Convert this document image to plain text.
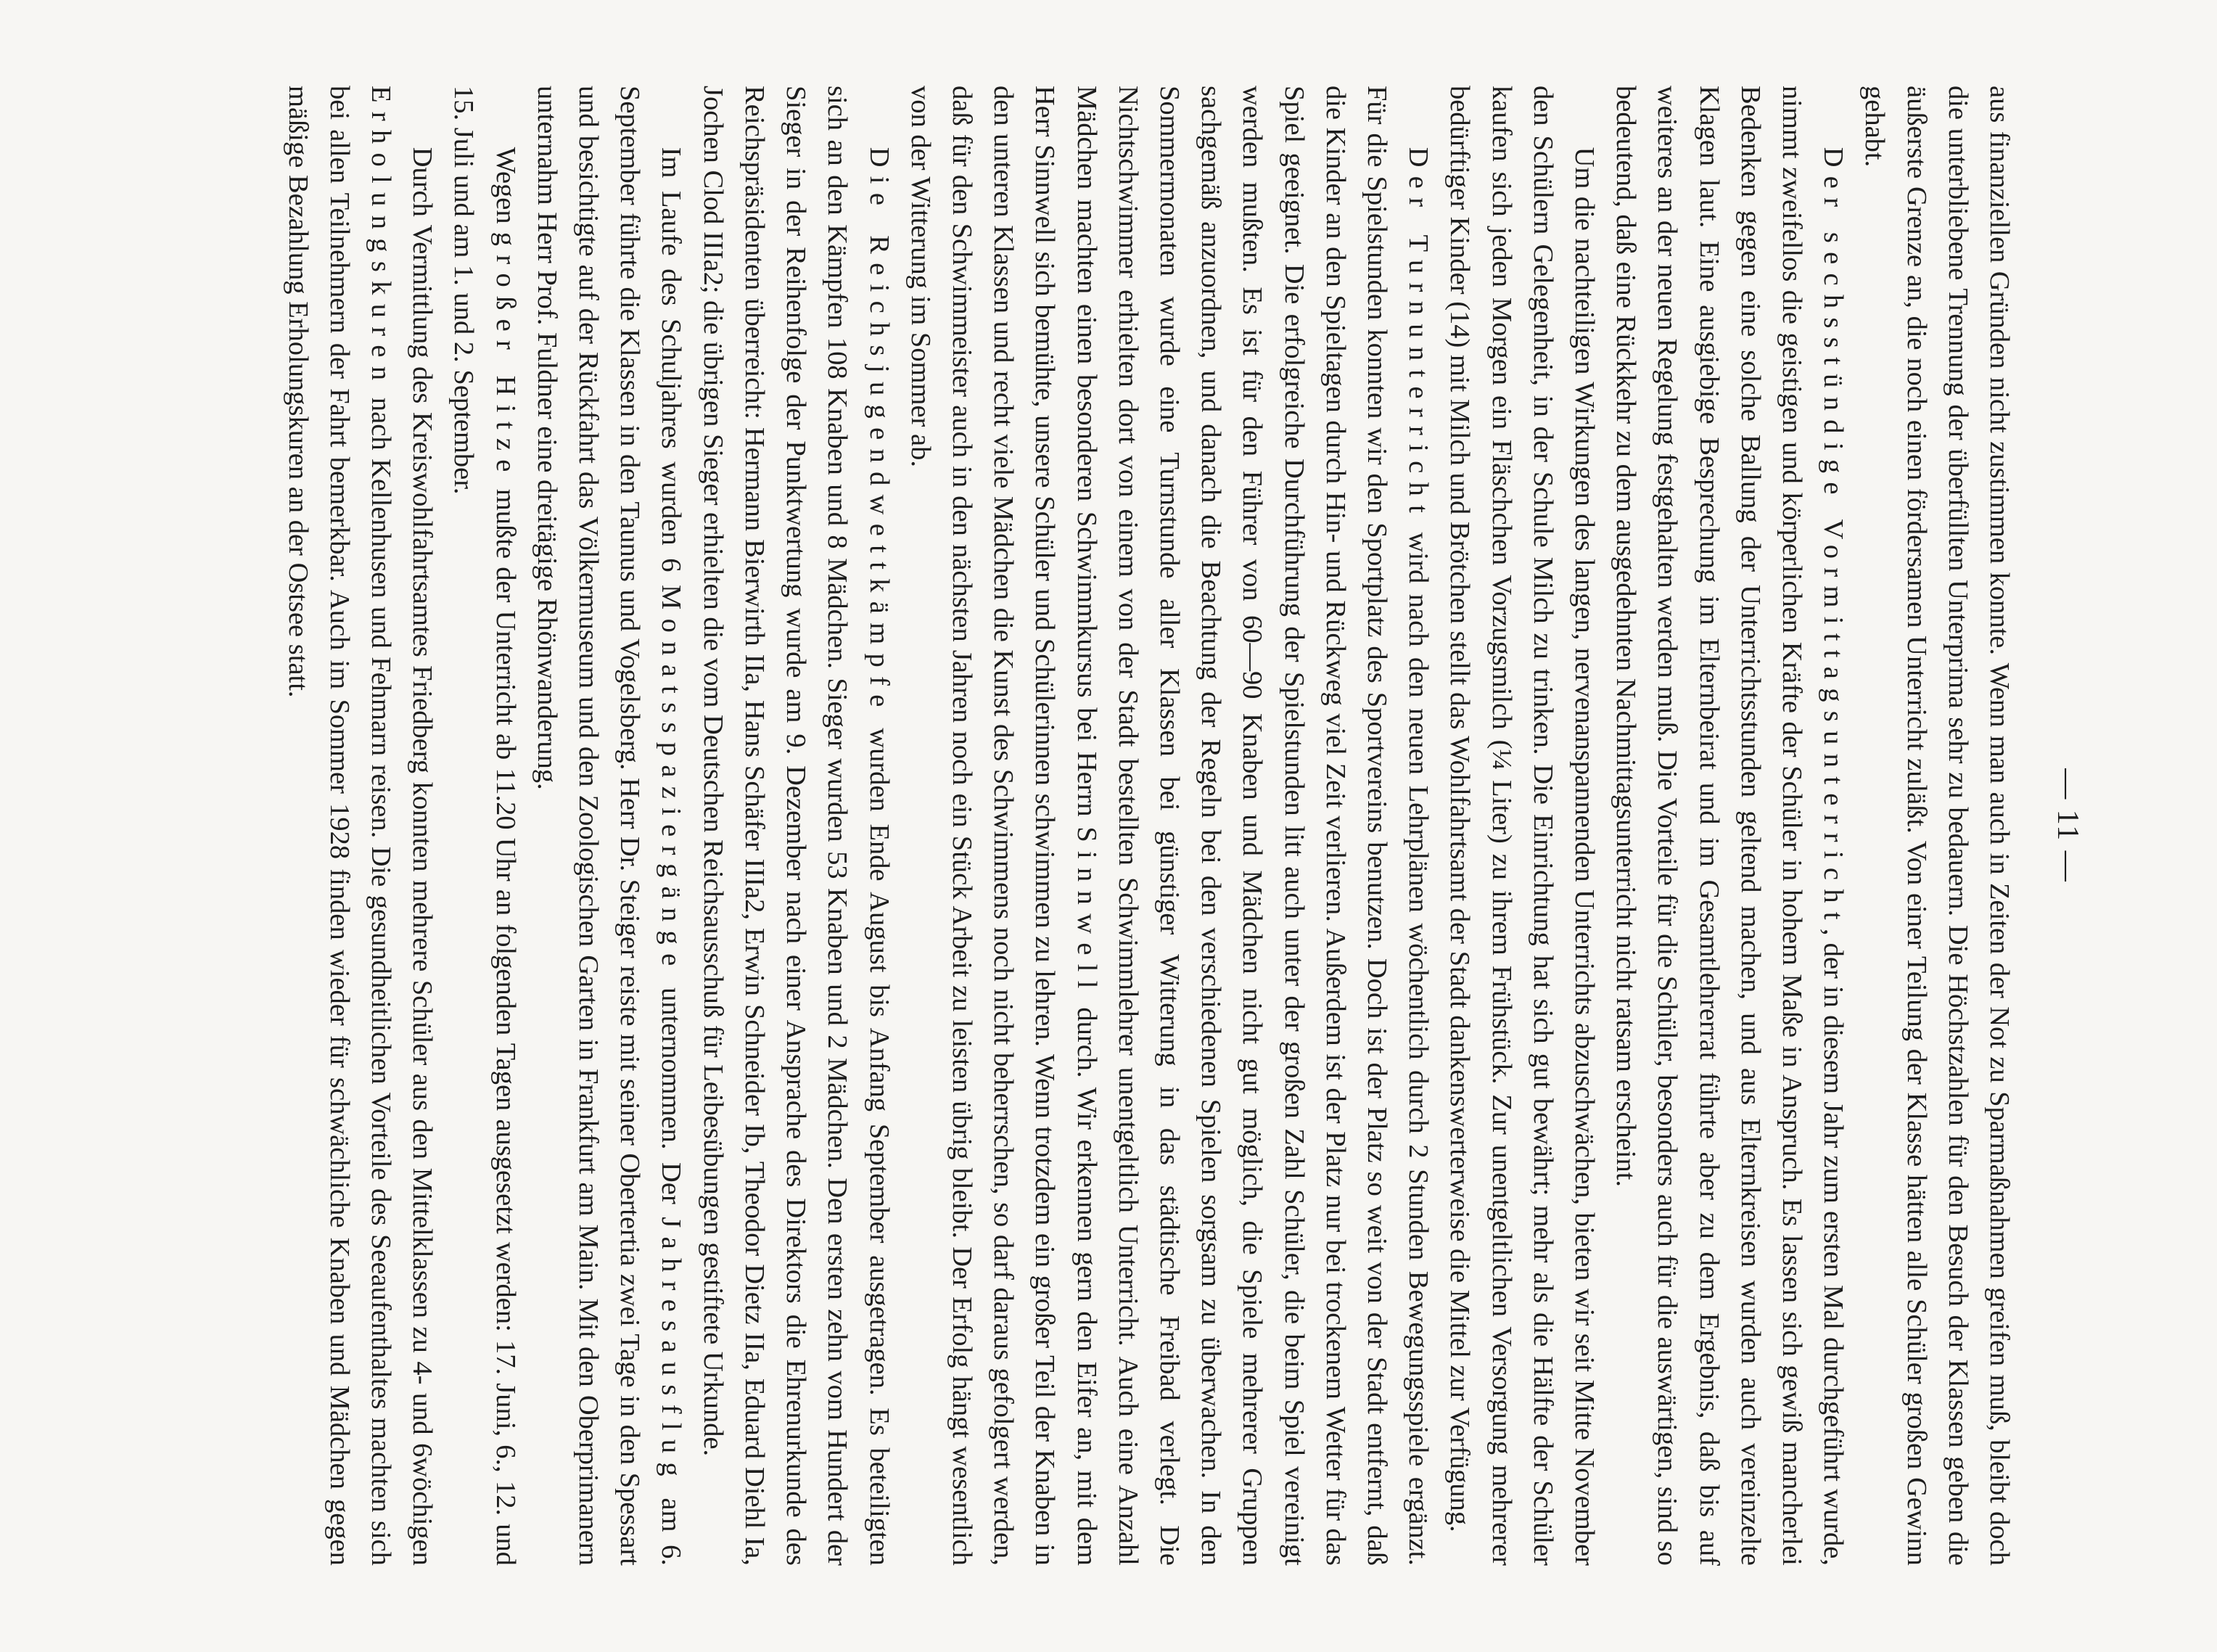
— 11 —

aus finanziellen Gründen nicht zustimmen konnte. Wenn man auch in Zeiten der Not zu Sparmaßnahmen greifen muß, bleibt doch die unterbliebene Trennung der überfüllten Unterprima sehr zu bedauern. Die Höchstzahlen für den Besuch der Klassen geben die äußerste Grenze an, die noch einen fördersamen Unterricht zuläßt. Von einer Teilung der Klasse hätten alle Schüler großen Gewinn gehabt.

Der sechsstündige Vormittagsunterricht, der in diesem Jahr zum ersten Mal durchgeführt wurde, nimmt zweifellos die geistigen und körperlichen Kräfte der Schüler in hohem Maße in Anspruch. Es lassen sich gewiß mancherlei Bedenken gegen eine solche Ballung der Unterrichtsstunden geltend machen, und aus Elternkreisen wurden auch vereinzelte Klagen laut. Eine ausgiebige Besprechung im Elternbeirat und im Gesamtlehrerrat führte aber zu dem Ergebnis, daß bis auf weiteres an der neuen Regelung festgehalten werden muß. Die Vorteile für die Schüler, besonders auch für die auswärtigen, sind so bedeutend, daß eine Rückkehr zu dem ausgedehnten Nachmittagsunterricht nicht ratsam erscheint.

Um die nachteiligen Wirkungen des langen, nervenanspannenden Unterrichts abzuschwächen, bieten wir seit Mitte November den Schülern Gelegenheit, in der Schule Milch zu trinken. Die Einrichtung hat sich gut bewährt; mehr als die Hälfte der Schüler kaufen sich jeden Morgen ein Fläschchen Vorzugsmilch (¼ Liter) zu ihrem Frühstück. Zur unentgeltlichen Versorgung mehrerer bedürftiger Kinder (14) mit Milch und Brötchen stellt das Wohlfahrtsamt der Stadt dankenswerterweise die Mittel zur Verfügung.

Der Turnunterricht wird nach den neuen Lehrplänen wöchentlich durch 2 Stunden Bewegungsspiele ergänzt. Für die Spielstunden konnten wir den Sportplatz des Sportvereins benutzen. Doch ist der Platz so weit von der Stadt entfernt, daß die Kinder an den Spieltagen durch Hin- und Rückweg viel Zeit verlieren. Außerdem ist der Platz nur bei trockenem Wetter für das Spiel geeignet. Die erfolgreiche Durchführung der Spielstunden litt auch unter der großen Zahl Schüler, die beim Spiel vereinigt werden mußten. Es ist für den Führer von 60—90 Knaben und Mädchen nicht gut möglich, die Spiele mehrerer Gruppen sachgemäß anzuordnen, und danach die Beachtung der Regeln bei den verschiedenen Spielen sorgsam zu überwachen. In den Sommermonaten wurde eine Turnstunde aller Klassen bei günstiger Witterung in das städtische Freibad verlegt. Die Nichtschwimmer erhielten dort von einem von der Stadt bestellten Schwimmlehrer unentgeltlich Unterricht. Auch eine Anzahl Mädchen machten einen besonderen Schwimmkursus bei Herrn Sinnwell durch. Wir erkennen gern den Eifer an, mit dem Herr Sinnwell sich bemühte, unsere Schüler und Schülerinnen schwimmen zu lehren. Wenn trotzdem ein großer Teil der Knaben in den unteren Klassen und recht viele Mädchen die Kunst des Schwimmens noch nicht beherrschen, so darf daraus gefolgert werden, daß für den Schwimmeister auch in den nächsten Jahren noch ein Stück Arbeit zu leisten übrig bleibt. Der Erfolg hängt wesentlich von der Witterung im Sommer ab.

Die Reichsjugendwettkämpfe wurden Ende August bis Anfang September ausgetragen. Es beteiligten sich an den Kämpfen 108 Knaben und 8 Mädchen. Sieger wurden 53 Knaben und 2 Mädchen. Den ersten zehn vom Hundert der Sieger in der Reihenfolge der Punktwertung wurde am 9. Dezember nach einer Ansprache des Direktors die Ehrenurkunde des Reichspräsidenten überreicht: Hermann Bierwirth IIa, Hans Schäfer IIIa2, Erwin Schneider Ib, Theodor Dietz IIa, Eduard Diehl Ia, Jochen Clod IIIa2; die übrigen Sieger erhielten die vom Deutschen Reichsausschuß für Leibesübungen gestiftete Urkunde.

Im Laufe des Schuljahres wurden 6 Monatsspaziergänge unternommen. Der Jahresausflug am 6. September führte die Klassen in den Taunus und Vogelsberg. Herr Dr. Steiger reiste mit seiner Obertertia zwei Tage in den Spessart und besichtigte auf der Rückfahrt das Völkermuseum und den Zoologischen Garten in Frankfurt am Main. Mit den Oberprimanern unternahm Herr Prof. Fuldner eine dreitägige Rhönwanderung.

Wegen großer Hitze mußte der Unterricht ab 11.20 Uhr an folgenden Tagen ausgesetzt werden: 17. Juni, 6., 12. und 15. Juli und am 1. und 2. September.

Durch Vermittlung des Kreiswohlfahrtsamtes Friedberg konnten mehrere Schüler aus den Mittelklassen zu 4- und 6wöchigen Erholungskuren nach Kellenhusen und Fehmarn reisen. Die gesundheitlichen Vorteile des Seeaufenthaltes machten sich bei allen Teilnehmern der Fahrt bemerkbar. Auch im Sommer 1928 finden wieder für schwächliche Knaben und Mädchen gegen mäßige Bezahlung Erholungskuren an der Ostsee statt.
